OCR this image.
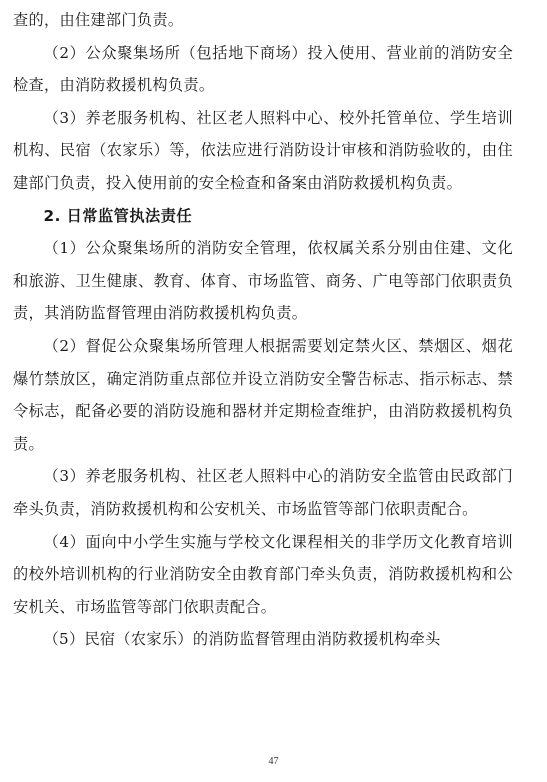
查的，由住建部门负责。

（2）公众聚集场所（包括地下商场）投入使用、营业前的消防安全检查，由消防救援机构负责。

（3）养老服务机构、社区老人照料中心、校外托管单位、学生培训机构、民宿（农家乐）等，依法应进行消防设计审核和消防验收的，由住建部门负责，投入使用前的安全检查和备案由消防救援机构负责。

2. 日常监管执法责任

（1）公众聚集场所的消防安全管理，依权属关系分别由住建、文化和旅游、卫生健康、教育、体育、市场监管、商务、广电等部门依职责负责，其消防监督管理由消防救援机构负责。

（2）督促公众聚集场所管理人根据需要划定禁火区、禁烟区、烟花爆竹禁放区，确定消防重点部位并设立消防安全警告标志、指示标志、禁令标志，配备必要的消防设施和器材并定期检查维护，由消防救援机构负责。

（3）养老服务机构、社区老人照料中心的消防安全监管由民政部门牵头负责，消防救援机构和公安机关、市场监管等部门依职责配合。

（4）面向中小学生实施与学校文化课程相关的非学历文化教育培训的校外培训机构的行业消防安全由教育部门牵头负责，消防救援机构和公安机关、市场监管等部门依职责配合。

（5）民宿（农家乐）的消防监督管理由消防救援机构牵头

47
